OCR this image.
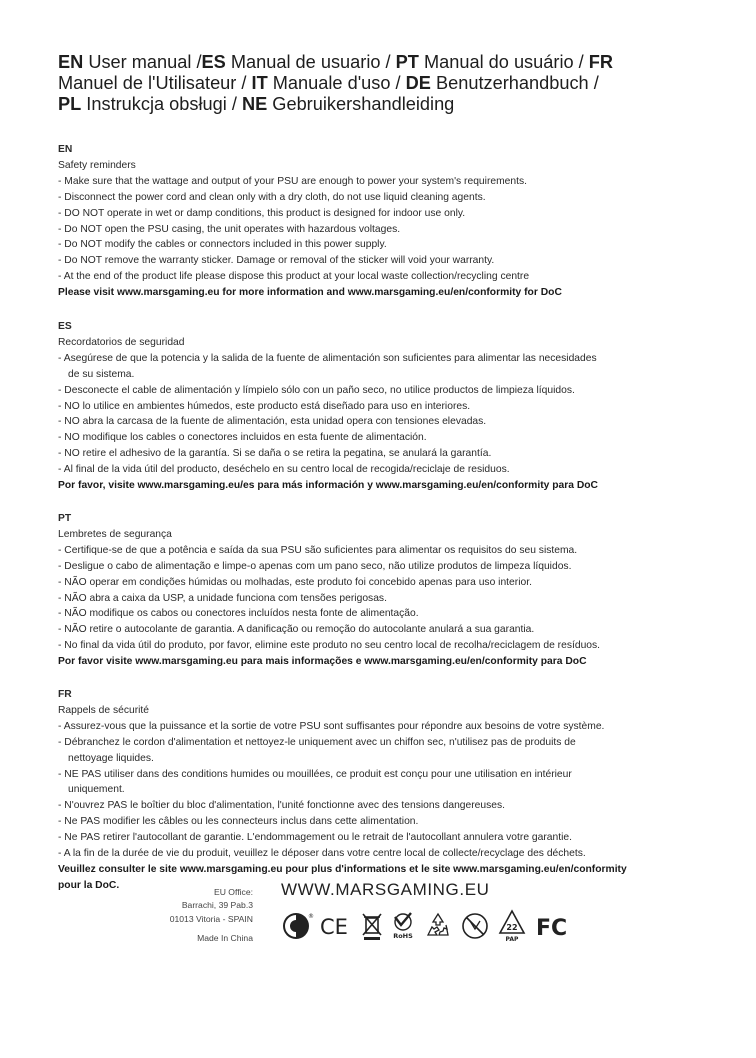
EN User manual /ES Manual de usuario / PT Manual do usuário / FR
Manuel de l'Utilisateur / IT Manuale d'uso / DE Benutzerhandbuch /
PL Instrukcja obsługi / NE Gebruikershandleiding
EN
Safety reminders
- Make sure that the wattage and output of your PSU are enough to power your system's requirements.
- Disconnect the power cord and clean only with a dry cloth, do not use liquid cleaning agents.
- DO NOT operate in wet or damp conditions, this product is designed for indoor use only.
- Do NOT open the PSU casing, the unit operates with hazardous voltages.
- Do NOT modify the cables or connectors included in this power supply.
- Do NOT remove the warranty sticker. Damage or removal of the sticker will void your warranty.
- At the end of the product life please dispose this product at your local waste collection/recycling centre
Please visit www.marsgaming.eu for more information and www.marsgaming.eu/en/conformity for DoC
ES
Recordatorios de seguridad
- Asegúrese de que la potencia y la salida de la fuente de alimentación son suficientes para alimentar las necesidades
de su sistema.
- Desconecte el cable de alimentación y límpielo sólo con un paño seco, no utilice productos de limpieza líquidos.
- NO lo utilice en ambientes húmedos, este producto está diseñado para uso en interiores.
- NO abra la carcasa de la fuente de alimentación, esta unidad opera con tensiones elevadas.
- NO modifique los cables o conectores incluidos en esta fuente de alimentación.
- NO retire el adhesivo de la garantía. Si se daña o se retira la pegatina, se anulará la garantía.
- Al final de la vida útil del producto, deséchelo en su centro local de recogida/reciclaje de residuos.
Por favor, visite www.marsgaming.eu/es para más información y www.marsgaming.eu/en/conformity para DoC
PT
Lembretes de segurança
- Certifique-se de que a potência e saída da sua PSU são suficientes para alimentar os requisitos do seu sistema.
- Desligue o cabo de alimentação e limpe-o apenas com um pano seco, não utilize produtos de limpeza líquidos.
- NÃO operar em condições húmidas ou molhadas, este produto foi concebido apenas para uso interior.
- NÃO abra a caixa da USP, a unidade funciona com tensões perigosas.
- NÃO modifique os cabos ou conectores incluídos nesta fonte de alimentação.
- NÃO retire o autocolante de garantia. A danificação ou remoção do autocolante anulará a sua garantia.
- No final da vida útil do produto, por favor, elimine este produto no seu centro local de recolha/reciclagem de resíduos.
Por favor visite www.marsgaming.eu para mais informações e www.marsgaming.eu/en/conformity para DoC
FR
Rappels de sécurité
- Assurez-vous que la puissance et la sortie de votre PSU sont suffisantes pour répondre aux besoins de votre système.
- Débranchez le cordon d'alimentation et nettoyez-le uniquement avec un chiffon sec, n'utilisez pas de produits de
nettoyage liquides.
- NE PAS utiliser dans des conditions humides ou mouillées, ce produit est conçu pour une utilisation en intérieur
uniquement.
- N'ouvrez PAS le boîtier du bloc d'alimentation, l'unité fonctionne avec des tensions dangereuses.
- Ne PAS modifier les câbles ou les connecteurs inclus dans cette alimentation.
- Ne PAS retirer l'autocollant de garantie. L'endommagement ou le retrait de l'autocollant annulera votre garantie.
- A la fin de la durée de vie du produit, veuillez le déposer dans votre centre local de collecte/recyclage des déchets.
Veuillez consulter le site www.marsgaming.eu pour plus d'informations et le site www.marsgaming.eu/en/conformity
pour la DoC.
EU Office:
Barrachi, 39 Pab.3
01013 Vitoria - SPAIN
Made In China
WWW.MARSGAMING.EU
® CE	RoHS
22
PAP FC
